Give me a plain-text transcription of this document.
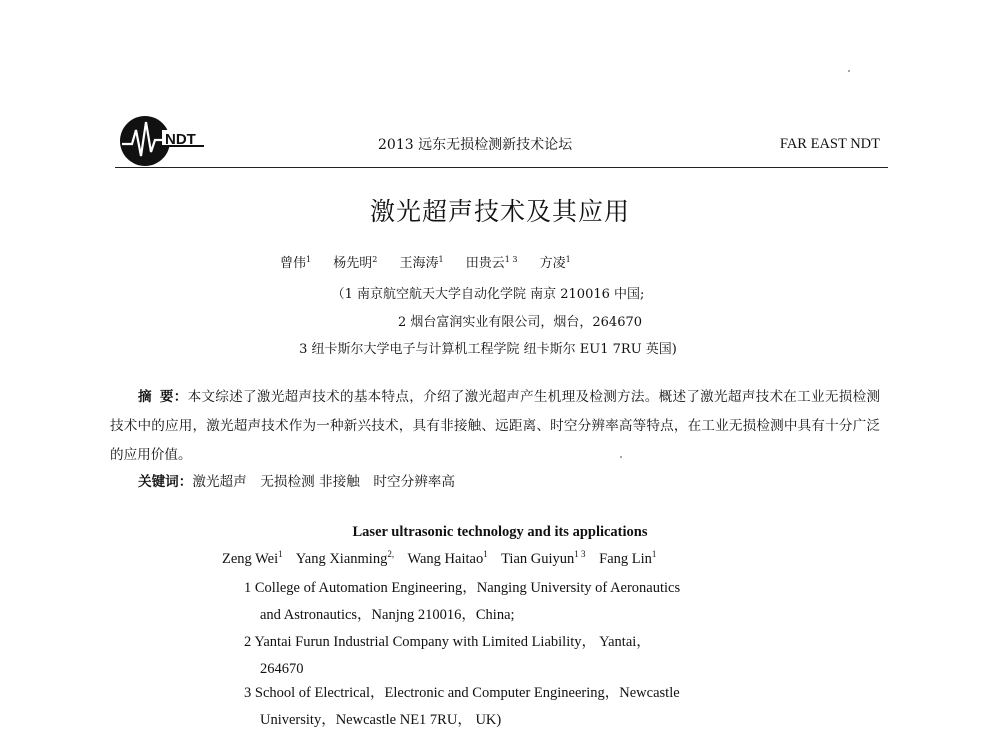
NDT	2013 远东无损检测新技术论坛	FAR EAST NDT
激光超声技术及其应用
曾伟$^1$ 杨先明$^2$ 王海涛$^1$ 田贵云$^{1 3}$ 方凌$^1$
（1 南京航空航天大学自动化学院 南京 210016 中国;
2 烟台富润实业有限公司，烟台，264670
3 纽卡斯尔大学电子与计算机工程学院 纽卡斯尔 EU1 7RU 英国)
摘要：本文综述了激光超声技术的基本特点，介绍了激光超声产生机理及检测方法。概述了激光超声技术在工业无损检测技术中的应用，激光超声技术作为一种新兴技术，具有非接触、远距离、时空分辨率高等特点，在工业无损检测中具有十分广泛的应用价值。
关键词：激光超声　无损检测 非接触　时空分辨率高
Laser ultrasonic technology and its applications
Zeng Wei$^1$ Yang Xianming$^{2,}$ Wang Haitao$^1$ Tian Guiyun$^{1 3}$ Fang Lin$^1$
1 College of Automation Engineering，Nanging University of Aeronautics
and Astronautics，Nanjng 210016，China;
2 Yantai Furun Industrial Company with Limited Liability， Yantai，
264670
3 School of Electrical，Electronic and Computer Engineering，Newcastle
University，Newcastle NE1 7RU， UK)
